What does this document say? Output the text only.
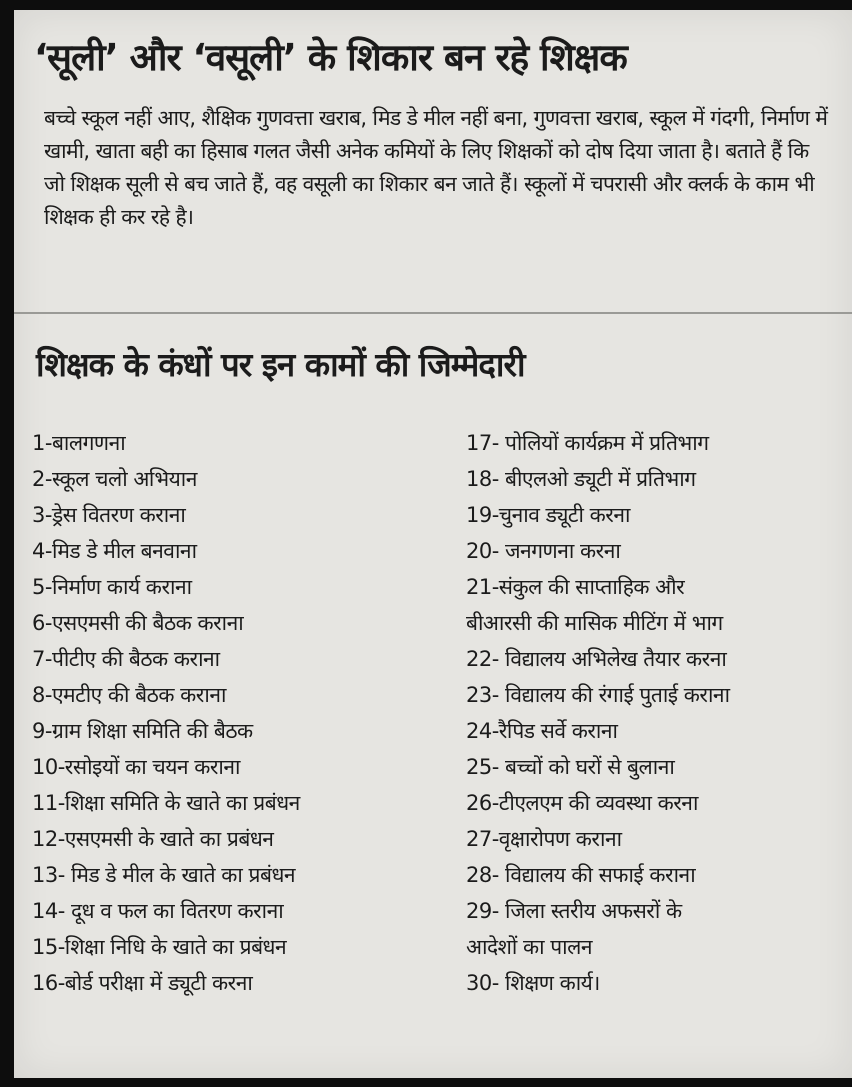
‘सूली’ और ‘वसूली’ के शिकार बन रहे शिक्षक

बच्चे स्कूल नहीं आए, शैक्षिक गुणवत्ता खराब, मिड डे मील नहीं बना, गुणवत्ता खराब, स्कूल में गंदगी, निर्माण में खामी, खाता बही का हिसाब गलत जैसी अनेक कमियों के लिए शिक्षकों को दोष दिया जाता है। बताते हैं कि जो शिक्षक सूली से बच जाते हैं, वह वसूली का शिकार बन जाते हैं। स्कूलों में चपरासी और क्लर्क के काम भी शिक्षक ही कर रहे है।

शिक्षक के कंधों पर इन कामों की जिम्मेदारी
1-बालगणना
2-स्कूल चलो अभियान
3-ड्रेस वितरण कराना
4-मिड डे मील बनवाना
5-निर्माण कार्य कराना
6-एसएमसी की बैठक कराना
7-पीटीए की बैठक कराना
8-एमटीए की बैठक कराना
9-ग्राम शिक्षा समिति की बैठक
10-रसोइयों का चयन कराना
11-शिक्षा समिति के खाते का प्रबंधन
12-एसएमसी के खाते का प्रबंधन
13- मिड डे मील के खाते का प्रबंधन
14- दूध व फल का वितरण कराना
15-शिक्षा निधि के खाते का प्रबंधन
16-बोर्ड परीक्षा में ड्यूटी करना
17- पोलियों कार्यक्रम में प्रतिभाग
18- बीएलओ ड्यूटी में प्रतिभाग
19-चुनाव ड्यूटी करना
20- जनगणना करना
21-संकुल की साप्ताहिक और
बीआरसी की मासिक मीटिंग में भाग
22- विद्यालय अभिलेख तैयार करना
23- विद्यालय की रंगाई पुताई कराना
24-रैपिड सर्वे कराना
25- बच्चों को घरों से बुलाना
26-टीएलएम की व्यवस्था करना
27-वृक्षारोपण कराना
28- विद्यालय की सफाई कराना
29- जिला स्तरीय अफसरों के
आदेशों का पालन
30- शिक्षण कार्य।
